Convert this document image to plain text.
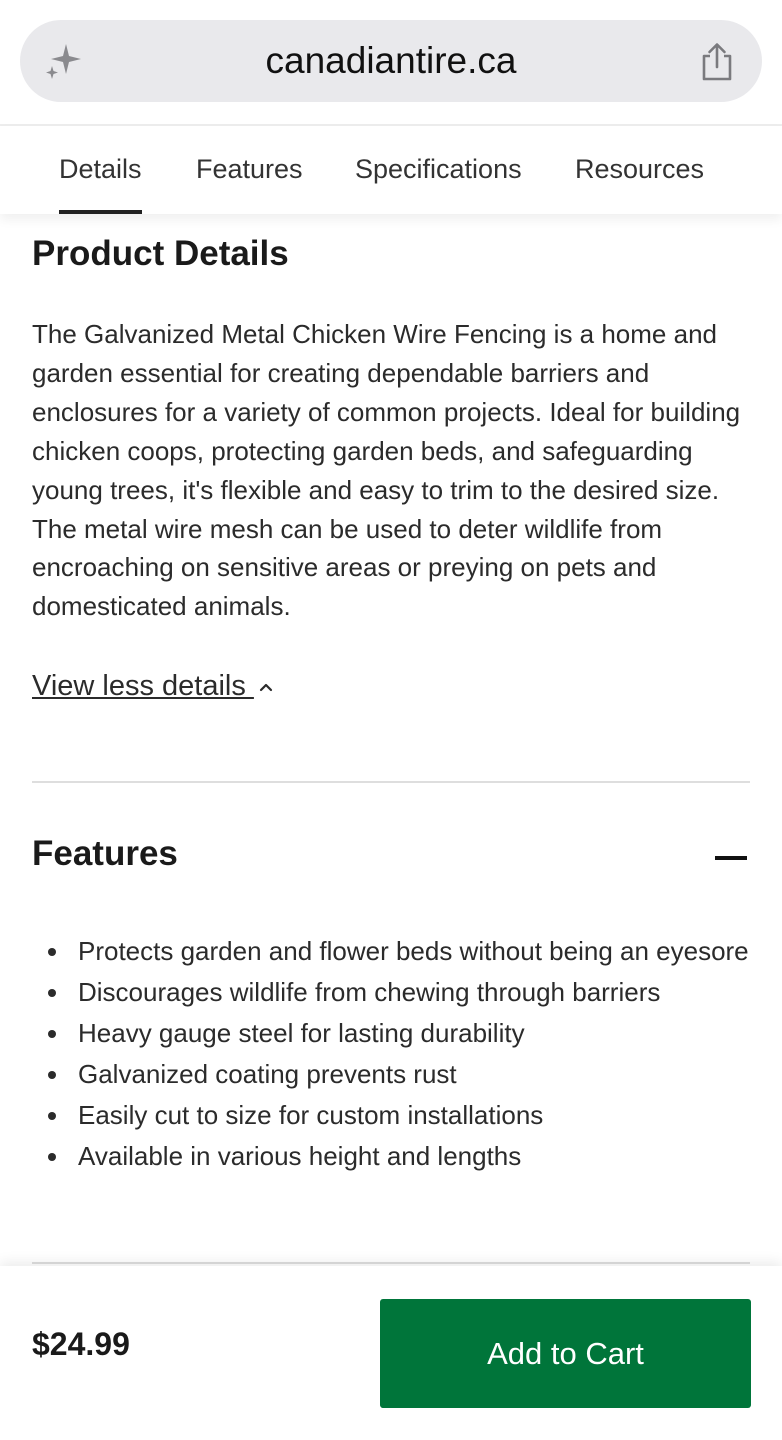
canadiantire.ca
Details Features Specifications Resources
Product Details
The Galvanized Metal Chicken Wire Fencing is a home and garden essential for creating dependable barriers and enclosures for a variety of common projects. Ideal for building chicken coops, protecting garden beds, and safeguarding young trees, it's flexible and easy to trim to the desired size. The metal wire mesh can be used to deter wildlife from encroaching on sensitive areas or preying on pets and domesticated animals.
View less details
Features
Protects garden and flower beds without being an eyesore
Discourages wildlife from chewing through barriers
Heavy gauge steel for lasting durability
Galvanized coating prevents rust
Easily cut to size for custom installations
Available in various height and lengths
$24.99	Add to Cart
